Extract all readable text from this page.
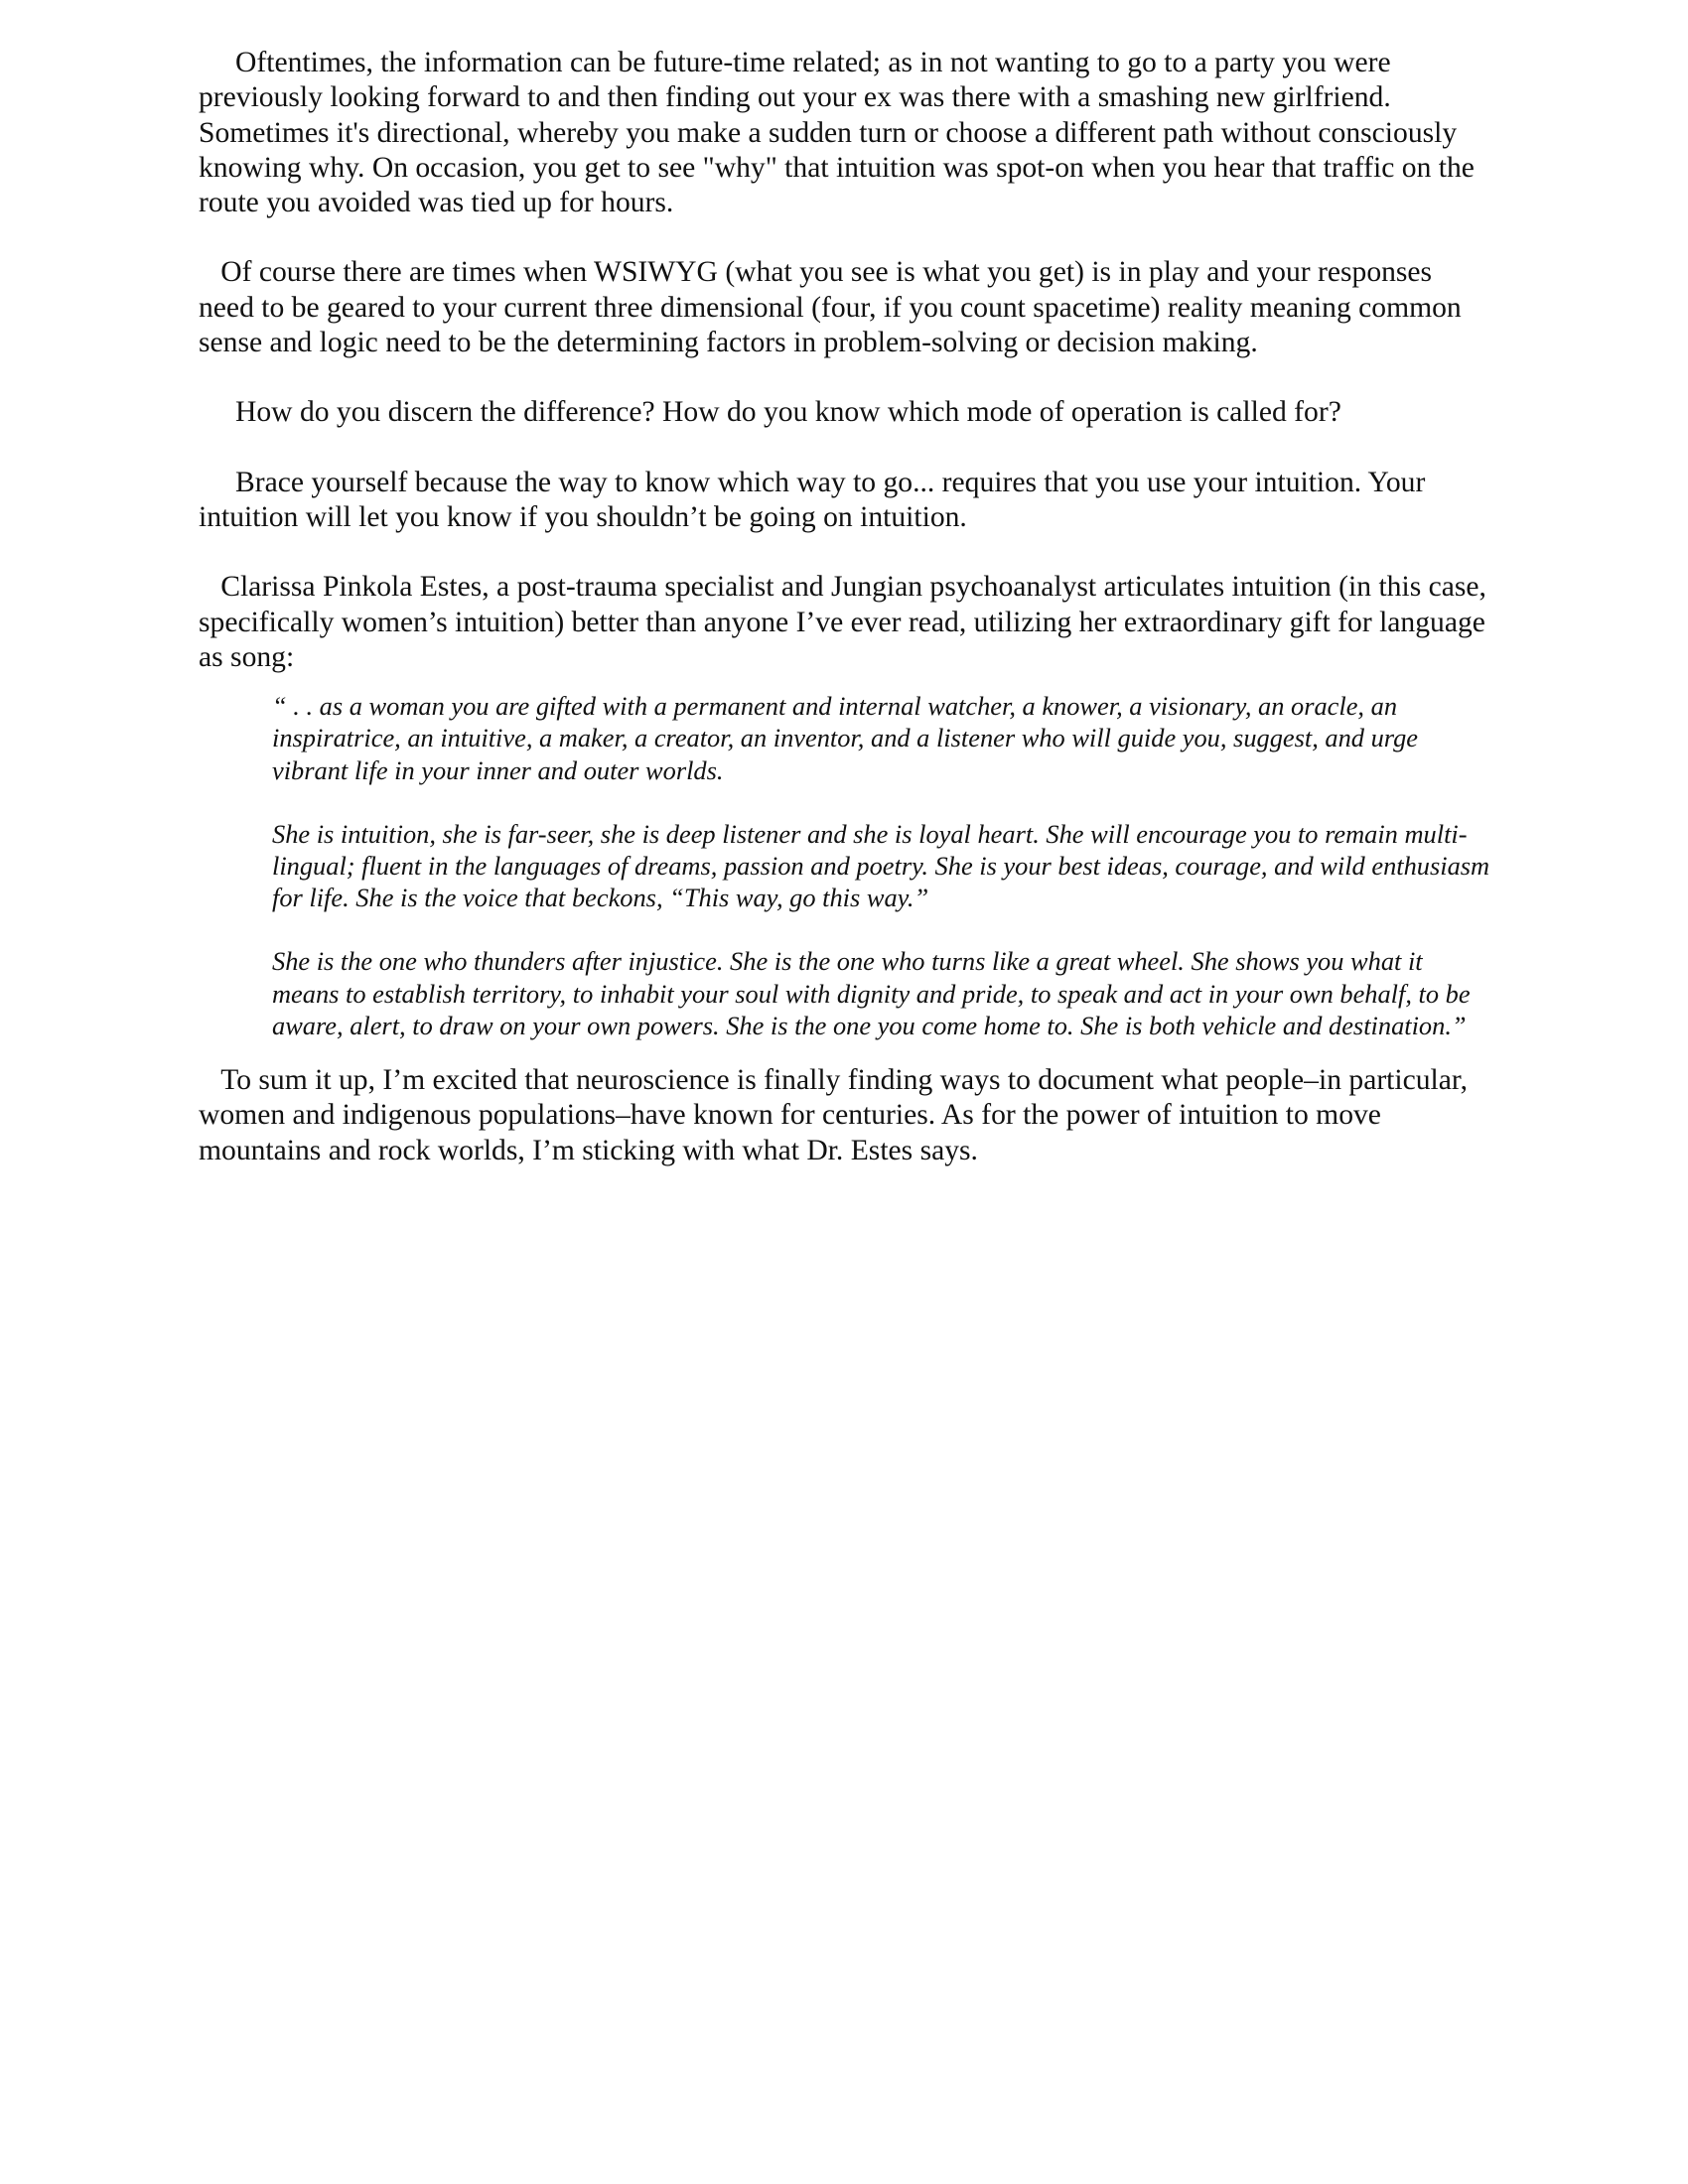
Oftentimes, the information can be future-time related; as in not wanting to go to a party you were previously looking forward to and then finding out your ex was there with a smashing new girlfriend. Sometimes it's directional, whereby you make a sudden turn or choose a different path without consciously knowing why. On occasion, you get to see "why" that intuition was spot-on when you hear that traffic on the route you avoided was tied up for hours.

Of course there are times when WSIWYG (what you see is what you get) is in play and your responses need to be geared to your current three dimensional (four, if you count spacetime) reality meaning common sense and logic need to be the determining factors in problem-solving or decision making.

How do you discern the difference? How do you know which mode of operation is called for?

Brace yourself because the way to know which way to go... requires that you use your intuition. Your intuition will let you know if you shouldn’t be going on intuition.

Clarissa Pinkola Estes, a post-trauma specialist and Jungian psychoanalyst articulates intuition (in this case, specifically women’s intuition) better than anyone I’ve ever read, utilizing her extraordinary gift for language as song:

“ . . as a woman you are gifted with a permanent and internal watcher, a knower, a visionary, an oracle, an inspiratrice, an intuitive, a maker, a creator, an inventor, and a listener who will guide you, suggest, and urge vibrant life in your inner and outer worlds.

She is intuition, she is far-seer, she is deep listener and she is loyal heart. She will encourage you to remain multi-lingual; fluent in the languages of dreams, passion and poetry. She is your best ideas, courage, and wild enthusiasm for life. She is the voice that beckons, “This way, go this way.”

She is the one who thunders after injustice. She is the one who turns like a great wheel. She shows you what it means to establish territory, to inhabit your soul with dignity and pride, to speak and act in your own behalf, to be aware, alert, to draw on your own powers. She is the one you come home to. She is both vehicle and destination.”

To sum it up, I’m excited that neuroscience is finally finding ways to document what people–in particular, women and indigenous populations–have known for centuries. As for the power of intuition to move mountains and rock worlds, I’m sticking with what Dr. Estes says.
